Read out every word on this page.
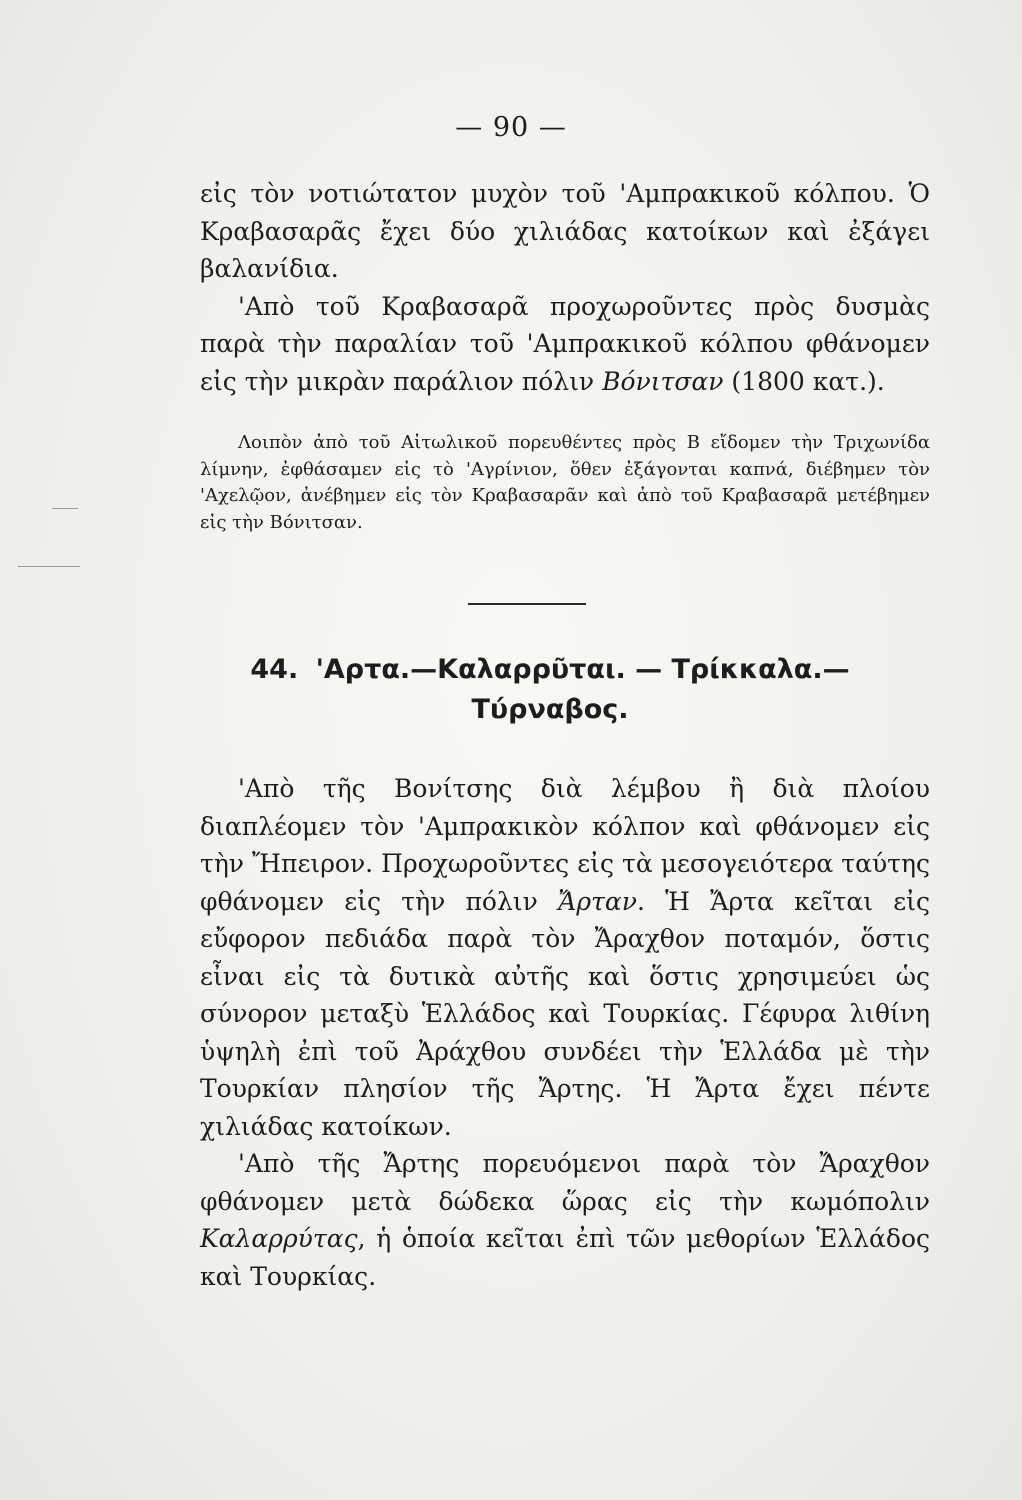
— 90 —

εἰς τὸν νοτιώτατον μυχὸν τοῦ 'Αμπρακικοῦ κόλπου. Ὁ Κραβασαρᾶς ἔχει δύο χιλιάδας κατοίκων καὶ ἐξάγει βαλανίδια.

'Απὸ τοῦ Κραβασαρᾶ προχωροῦντες πρὸς δυσμὰς παρὰ τὴν παραλίαν τοῦ 'Αμπρακικοῦ κόλπου φθάνομεν εἰς τὴν μικρὰν παράλιον πόλιν Βόνιτσαν (1800 κατ.).

Λοιπὸν ἀπὸ τοῦ Αἰτωλικοῦ πορευθέντες πρὸς Β εἴδομεν τὴν Τριχωνίδα λίμνην, ἐφθάσαμεν εἰς τὸ 'Αγρίνιον, ὅθεν ἐξάγονται καπνά, διέβημεν τὸν 'Αχελῷον, ἀνέβημεν εἰς τὸν Κραβασαρᾶν καὶ ἀπὸ τοῦ Κραβασαρᾶ μετέβημεν εἰς τὴν Βόνιτσαν.

44. 'Αρτα.—Καλαρρῦται. — Τρίκκαλα.— Τύρναβος.

'Απὸ τῆς Βονίτσης διὰ λέμβου ἢ διὰ πλοίου διαπλέομεν τὸν 'Αμπρακικὸν κόλπον καὶ φθάνομεν εἰς τὴν Ἤπειρον. Προχωροῦντες εἰς τὰ μεσογειότερα ταύτης φθάνομεν εἰς τὴν πόλιν Ἄρταν. Ἡ Ἄρτα κεῖται εἰς εὔφορον πεδιάδα παρὰ τὸν Ἄραχθον ποταμόν, ὅστις εἶναι εἰς τὰ δυτικὰ αὐτῆς καὶ ὅστις χρησιμεύει ὡς σύνορον μεταξὺ Ἑλλάδος καὶ Τουρκίας. Γέφυρα λιθίνη ὑψηλὴ ἐπὶ τοῦ Ἀράχθου συνδέει τὴν Ἑλλάδα μὲ τὴν Τουρκίαν πλησίον τῆς Ἄρτης. Ἡ Ἄρτα ἔχει πέντε χιλιάδας κατοίκων.

'Απὸ τῆς Ἄρτης πορευόμενοι παρὰ τὸν Ἄραχθον φθάνομεν μετὰ δώδεκα ὥρας εἰς τὴν κωμόπολιν Καλαρρύτας, ἡ ὁποία κεῖται ἐπὶ τῶν μεθορίων Ἑλλάδος καὶ Τουρκίας.
